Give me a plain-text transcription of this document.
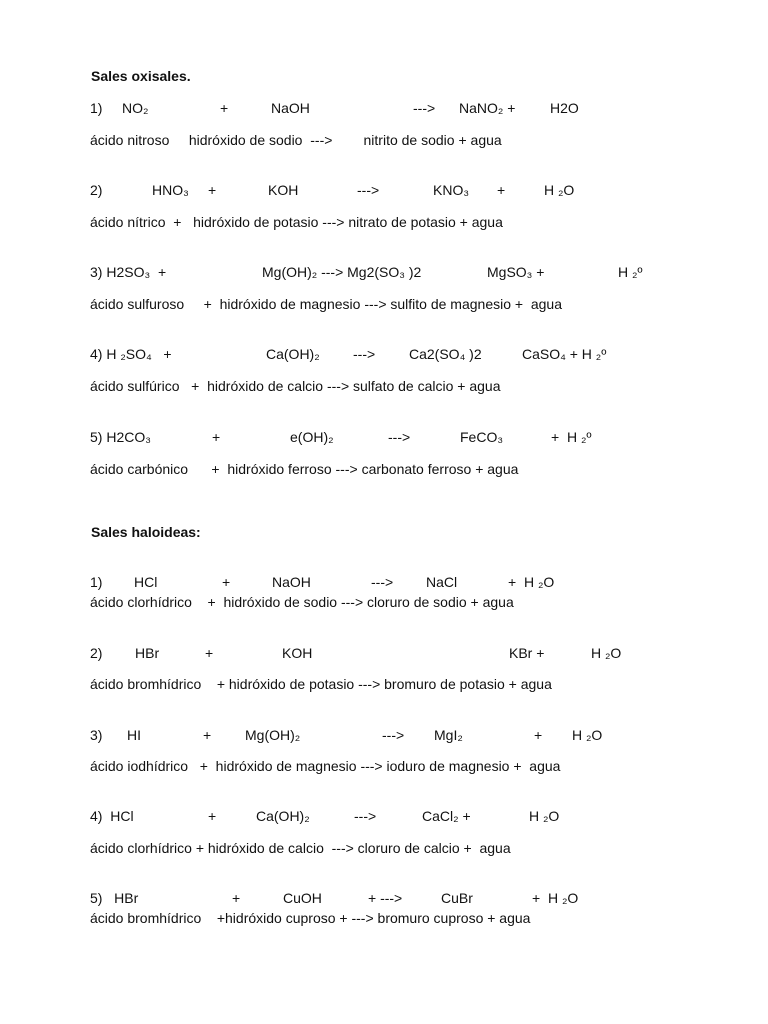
Sales oxisales.
1) NO₂	+	NaOH	---> NaNO₂ + H2O
ácido nitroso     hidróxido de sodio  --->        nitrito de sodio + agua
2)	HNO₃ +	KOH	--->	KNO₃ +	H ₂O
ácido nítrico  +   hidróxido de potasio ---> nitrato de potasio + agua
3) H2SO₃  +	Mg(OH)₂ ---> Mg2(SO₃ )2	MgSO₃ +	H ₂º
ácido sulfuroso     +  hidróxido de magnesio ---> sulfito de magnesio +  agua
4) H ₂SO₄   +	Ca(OH)₂ ---> Ca2(SO₄ )2	CaSO₄ + H ₂º
ácido sulfúrico   +  hidróxido de calcio ---> sulfato de calcio + agua
5) H2CO₃	+	e(OH)₂	--->	FeCO₃	+  H ₂º
ácido carbónico      +  hidróxido ferroso ---> carbonato ferroso + agua
Sales haloideas:
1) HCl	+	NaOH	---> NaCl	+  H ₂O
ácido clorhídrico    +  hidróxido de sodio ---> cloruro de sodio + agua
2) HBr	+	KOH	KBr +	H ₂O
ácido bromhídrico    + hidróxido de potasio ---> bromuro de potasio + agua
3) HI	+ Mg(OH)₂	---> MgI₂	+ H ₂O
ácido iodhídrico   +  hidróxido de magnesio ---> ioduro de magnesio +  agua
4)  HCl	+	Ca(OH)₂	--->	CaCl₂ +	H ₂O
ácido clorhídrico + hidróxido de calcio  ---> cloruro de calcio +  agua
5)   HBr	+	CuOH	+ --->	CuBr	+  H ₂O
ácido bromhídrico    +hidróxido cuproso + ---> bromuro cuproso + agua
